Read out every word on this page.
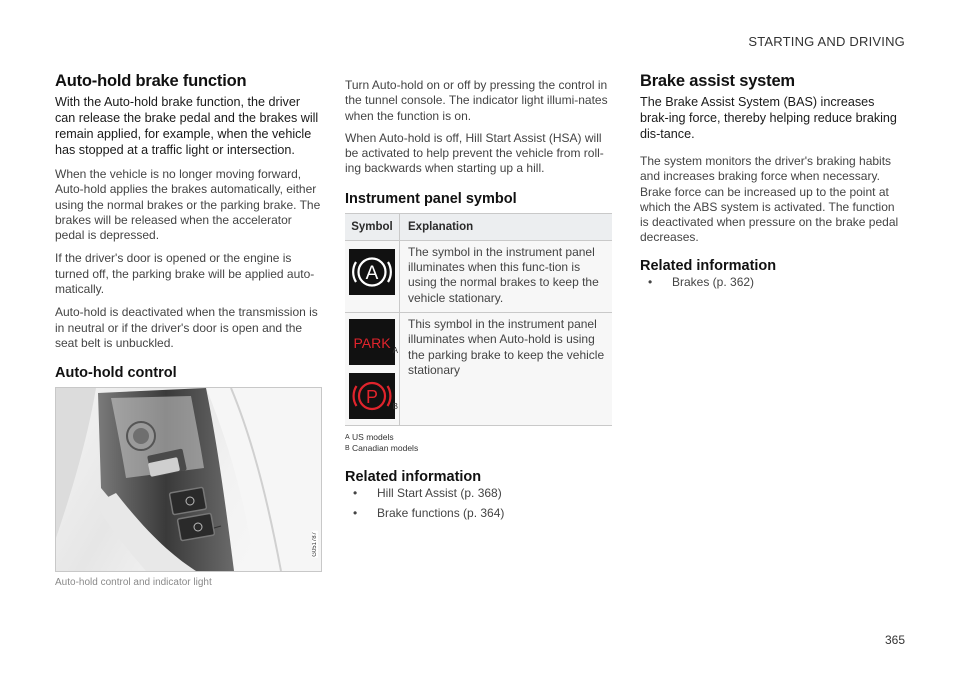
STARTING AND DRIVING
Auto-hold brake function

With the Auto-hold brake function, the driver can release the brake pedal and the brakes will remain applied, for example, when the vehicle has stopped at a traffic light or intersection.

When the vehicle is no longer moving forward, Auto-hold applies the brakes automatically, either using the normal brakes or the parking brake. The brakes will be released when the accelerator pedal is depressed.

If the driver's door is opened or the engine is turned off, the parking brake will be applied auto-matically.

Auto-hold is deactivated when the transmission is in neutral or if the driver's door is open and the seat belt is unbuckled.

Auto-hold control
G051787
Auto-hold control and indicator light

Turn Auto-hold on or off by pressing the control in the tunnel console. The indicator light illumi-nates when the function is on.

When Auto-hold is off, Hill Start Assist (HSA) will be activated to help prevent the vehicle from roll-ing backwards when starting up a hill.

Instrument panel symbol
Symbol	Explanation

A	The symbol in the instrument panel illuminates when this func-tion is using the normal brakes to keep the vehicle stationary.

PARK A
P B	This symbol in the instrument panel illuminates when Auto-hold is using the parking brake to keep the vehicle stationary
$^A$ US models
$^B$ Canadian models
Related information
•	Hill Start Assist (p. 368)
•	Brake functions (p. 364)
Brake assist system

The Brake Assist System (BAS) increases brak-ing force, thereby helping reduce braking dis-tance.

The system monitors the driver's braking habits and increases braking force when necessary. Brake force can be increased up to the point at which the ABS system is activated. The function is deactivated when pressure on the brake pedal decreases.

Related information
•	Brakes (p. 362)
365
